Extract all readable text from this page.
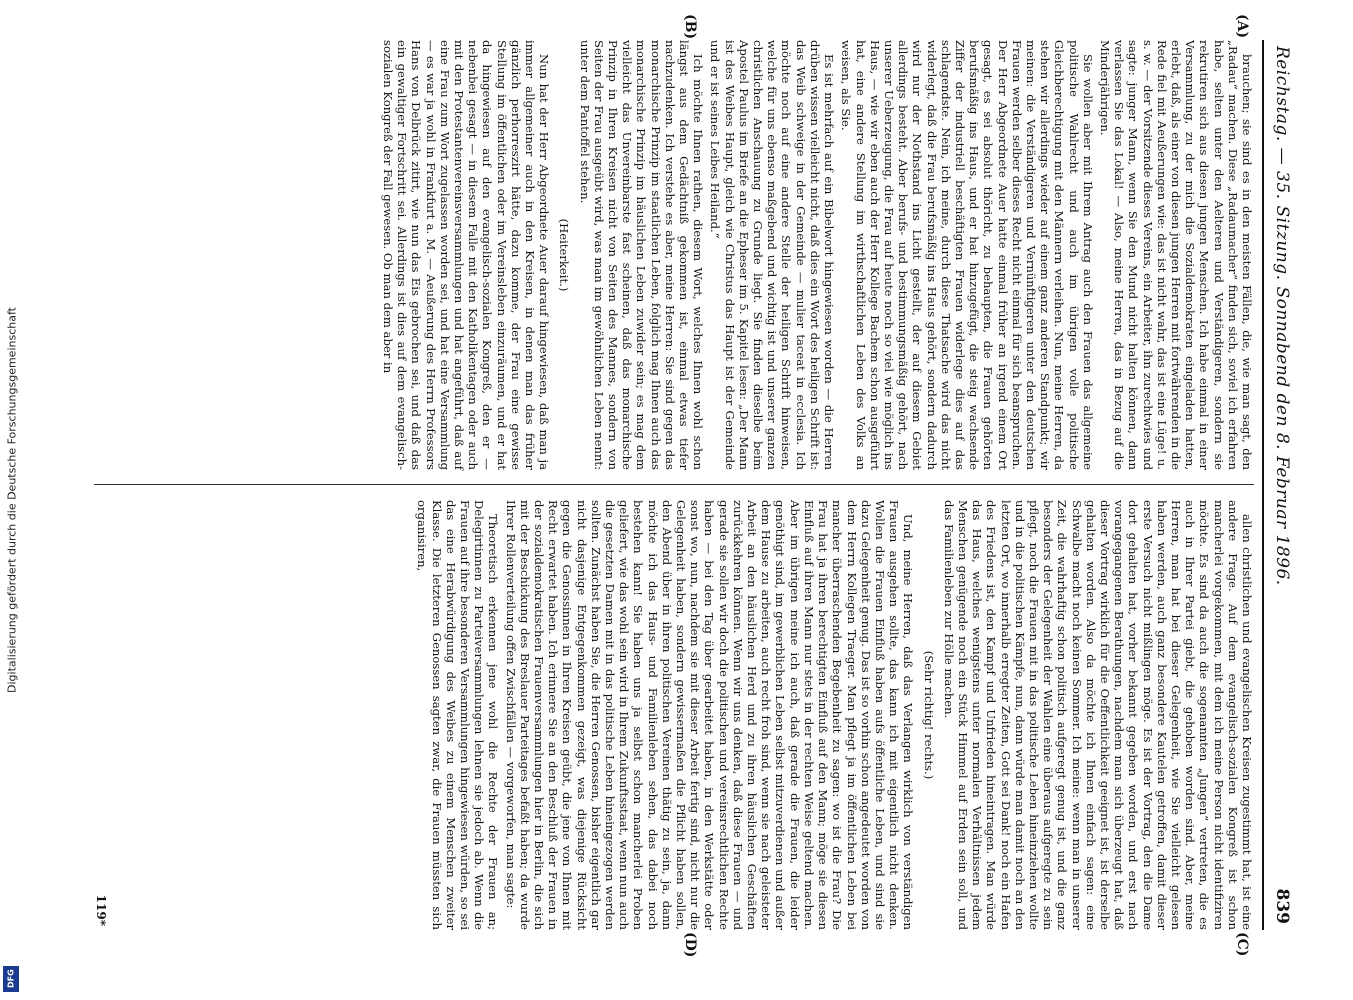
Digitalisierung gefördert durch die Deutsche Forschungsgemeinschaft
DFG
Reichstag. — 35. Sitzung. Sonnabend den 8. Februar 1896.
839
(A)
(B)
(C)
(D)

brauchen; sie sind es in den meisten Fällen, die, wie man sagt, den „Radau“ machen. Diese „Radaumacher“ finden sich, soviel ich erfahren habe, selten unter den Aelteren und Verständigeren, sondern sie rekrutiren sich aus diesen jungen Menschen. Ich habe einmal in einer Versammlung, zu der mich die Sozialdemokraten eingeladen hatten, erlebt, daß, als einer von diesen jungen Herren mit fortwährenden in die Rede fiel mit Aeußerungen wie: das ist nicht wahr, das ist eine Lüge! u. s. w. — der Vorsitzende dieses Vereins, ein Arbeiter, ihn zurechtwies und sagte: junger Mann, wenn Sie den Mund nicht halten können, dann verlassen Sie das Lokal! — Also, meine Herren, das in Bezug auf die Minderjährigen.

Sie wollen aber mit Ihrem Antrag auch den Frauen das allgemeine politische Wahlrecht und auch im übrigen volle politische Gleichberechtigung mit den Männern verleihen. Nun, meine Herren, da stehen wir allerdings wieder auf einem ganz anderen Standpunkt; wir meinen: die Verständigeren und Vernünftigeren unter den deutschen Frauen werden selber dieses Recht nicht einmal für sich beanspruchen. Der Herr Abgeordnete Auer hatte einmal früher an irgend einem Ort gesagt, es sei absolut thöricht, zu behaupten, die Frauen gehörten berufsmäßig ins Haus, und er hat hinzugefügt, die steig wachsende Ziffer der industriell beschäftigten Frauen widerlege dies auf das schlagendste. Nein, ich meine, durch diese Thatsache wird das nicht widerlegt, daß die Frau berufsmäßig ins Haus gehört, sondern dadurch wird nur der Nothstand ins Licht gestellt, der auf diesem Gebiet allerdings besteht. Aber berufs- und bestimmungsmäßig gehört, nach unserer Ueberzeugung, die Frau auf heute noch so viel wie möglich ins Haus, — wie wir eben auch der Herr Kollege Bachem schon ausgeführt hat, eine andere Stellung im wirthschaftlichen Leben des Volks an weisen, als Sie.

Es ist mehrfach auf ein Bibelwort hingewiesen worden — die Herren drüben wissen vielleicht nicht, daß dies ein Wort des heiligen Schrift ist: das Weib schweige in der Gemeinde — mulier taceat in ecclesia. Ich möchte noch auf eine andere Stelle der heiligen Schrift hinweisen, welche für uns ebenso maßgebend und wichtig ist und unserer ganzen christlichen Anschauung zu Grunde liegt. Sie finden dieselbe beim Apostel Paulus im Briefe an die Epheser im 5. Kapitel lesen: „Der Mann ist des Weibes Haupt, gleich wie Christus das Haupt ist der Gemeinde und er ist seines Leibes Heiland.“

Ich möchte Ihnen rathen, diesem Wort, welches Ihnen wohl schon längst aus dem Gedächtniß gekommen ist, einmal etwas tiefer nachzudenken. Ich verstehe es aber, meine Herren: Sie sind gegen das monarchische Prinzip im staatlichen Leben, folglich mag Ihnen auch das monarchische Prinzip im häuslichen Leben zuwider sein; es mag dem vielleicht das Unvereinbarste fast scheinen, daß das monarchische Prinzip in Ihren Kreisen nicht von Seiten des Mannes, sondern von Seiten der Frau ausgeübt wird, was man im gewöhnlichen Leben nennt: unter dem Pantoffel stehen.

(Heiterkeit.)

Nun hat der Herr Abgeordnete Auer darauf hingewiesen, daß man ja immer allgemeiner auch in den Kreisen, in denen man das früher gänzlich perhorreszirt hätte, dazu komme, der Frau eine gewisse Stellung im öffentlichen oder im Vereinsleben einzuräumen, und er hat da hingewiesen auf den evangelisch-sozialen Kongreß, den er — nebenbei gesagt — in diesem Falle mit den Katholikentagen oder auch mit den Protestantenvereinsversammlungen und hat angeführt, daß auf eine Frau zum Wort zugelassen worden sei, und hat eine Versammlung — es war ja wohl in Frankfurt a. M. — Aeußerung des Herrn Professors Hans von Delbrück zitirt, wie nun das Eis gebrochen sei, und daß das ein gewaltiger Fortschritt sei. Allerdings ist dies auf dem evangelisch-sozialen Kongreß der Fall gewesen. Ob man dem aber in

allen christlichen und evangelischen Kreisen zugestimmt hat, ist eine andere Frage. Auf dem evangelisch-sozialen Kongreß ist schon mancherlei vorgekommen, mit dem ich meine Person nicht identifiziren möchte. Es sind da auch die sogenannten „Jungen“ vertreten, die es auch in Ihrer Partei giebt, die gehoben worden sind. Aber, meine Herren, man hat bei dieser Gelegenheit, wie Sie vielleicht gelesen haben werden, auch ganz besondere Kautelen getroffen, damit dieser erste Versuch nicht mißlingen möge. Es ist der Vortrag, den die Dame dort gehalten hat, vorher bekannt gegeben worden, und erst nach vorangegangenen Berathungen, nachdem man sich überzeugt hat, daß dieser Vortrag wirklich für die Oeffentlichkeit geeignet ist, ist derselbe gehalten worden. Also da möchte ich Ihnen einfach sagen: eine Schwalbe macht noch keinen Sommer. Ich meine: wenn man in unserer Zeit, die wahrhaftig schon politisch aufgeregt genug ist, und die ganz besonders der Gelegenheit der Wahlen eine überaus aufgeregte zu sein pflegt, noch die Frauen mit in das politische Leben hineinziehen wollte und in die politischen Kämpfe, nun, dann würde man damit noch an den letzten Ort, wo innerhalb erregter Zeiten, Gott sei Dank! noch ein Hafen des Friedens ist, den Kampf und Unfrieden hineintragen. Man würde das Haus, welches wenigstens unter normalen Verhältnissen jedem Menschen genügende noch ein Stück Himmel auf Erden sein soll, und das Familienleben zur Hölle machen.

(Sehr richtig! rechts.)

Und, meine Herren, daß das Verlangen wirklich von verständigen Frauen ausgehen sollte, das kann ich mit eigentlich nicht denken. Wollen die Frauen Einfluß haben aufs öffentliche Leben, und sind sie dazu Gelegenheit genug. Das ist so vorhin schon angedeutet worden von dem Herrn Kollegen Traeger. Man pflegt ja im öffentlichen Leben bei mancher überraschenden Begebenheit zu sagen: wo ist die Frau? Die Frau hat ja ihren berechtigten Einfluß auf den Mann; möge sie diesen Einfluß auf ihren Mann nur stets in der rechten Weise geltend machen. Aber im übrigen meine ich auch, daß gerade die Frauen, die leider genöthigt sind, im gewerblichen Leben selbst mitzuverdienen und außer dem Hause zu arbeiten, auch recht froh sind, wenn sie nach geleisteter Arbeit an den häuslichen Herd und zu ihren häuslichen Geschäften zurückkehren können. Wenn wir uns denken, daß diese Frauen — und gerade sie sollen wir doch die politischen und vereinsrechtlichen Rechte haben — bei den Tag über gearbeitet haben, in den Werkstätte oder sonst wo, nun, nachdem sie mit dieser Arbeit fertig sind, nicht nur die Gelegenheit haben, sondern gewissermaßen die Pflicht haben sollen, den Abend über in ihren politischen Vereinen thätig zu sein, ja, dann möchte ich das Haus- und Familienleben sehen, das dabei noch bestehen kann! Sie haben uns ja selbst schon mancherlei Proben geliefert, wie das wohl sein wird in Ihrem Zukunftsstaat, wenn nun auch die gesetzten Damen mit in das politische Leben hineingezogen werden sollten. Zunächst haben Sie, die Herren Genossen, bisher eigentlich gar nicht dasjenige Entgegenkommen gezeigt, was diejenige Rücksicht gegen die Genossinnen in Ihren Kreisen geübt, die jene von Ihnen mit Recht erwartet haben. Ich erinnere Sie an den Beschluß der Frauen in der sozialdemokratischen Frauenversammlungen hier in Berlin, die sich mit der Beschickung des Breslauer Parteitages befaßt haben; da wurde Ihrer Rollenverteilung offen Zwischfällen — vorgeworfen, man sagte:

Theoretisch erkennen jene wohl die Rechte der Frauen an; Delegirtinnen zu Parteiversammlungen lehnen sie jedoch ab. Wenn die Frauen auf ihre besonderen Versammlungen hingewiesen würden, so sei das eine Herabwürdigung des Weibes zu einem Menschen zweiter Klasse. Die letzteren Genossen sagten zwar, die Frauen müssten sich organisiren,

119*
